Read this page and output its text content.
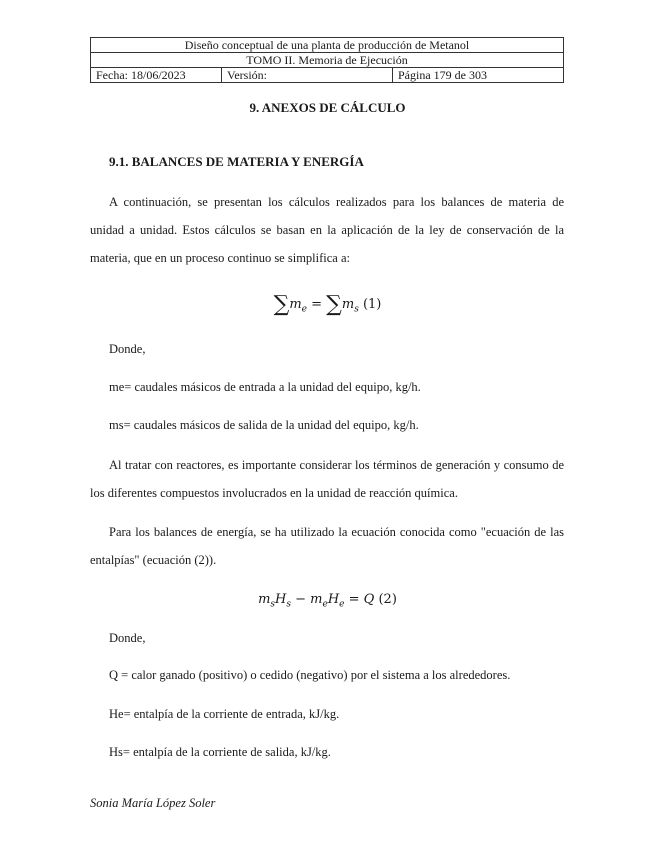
Diseño conceptual de una planta de producción de Metanol
TOMO II. Memoria de Ejecución
Fecha: 18/06/2023	Versión:	Página 179 de 303
9. ANEXOS DE CÁLCULO
9.1. BALANCES DE MATERIA Y ENERGÍA
A continuación, se presentan los cálculos realizados para los balances de materia de unidad a unidad. Estos cálculos se basan en la aplicación de la ley de conservación de la materia, que en un proceso continuo se simplifica a:
$\sum m_e = \sum m_s$ (1)
Donde,
me= caudales másicos de entrada a la unidad del equipo, kg/h.
ms= caudales másicos de salida de la unidad del equipo, kg/h.
Al tratar con reactores, es importante considerar los términos de generación y consumo de los diferentes compuestos involucrados en la unidad de reacción química.
Para los balances de energía, se ha utilizado la ecuación conocida como "ecuación de las entalpías" (ecuación (2)).
$m_sH_s - m_eH_e = Q$ (2)
Donde,
Q = calor ganado (positivo) o cedido (negativo) por el sistema a los alrededores.
He= entalpía de la corriente de entrada, kJ/kg.
Hs= entalpía de la corriente de salida, kJ/kg.
Sonia María López Soler
